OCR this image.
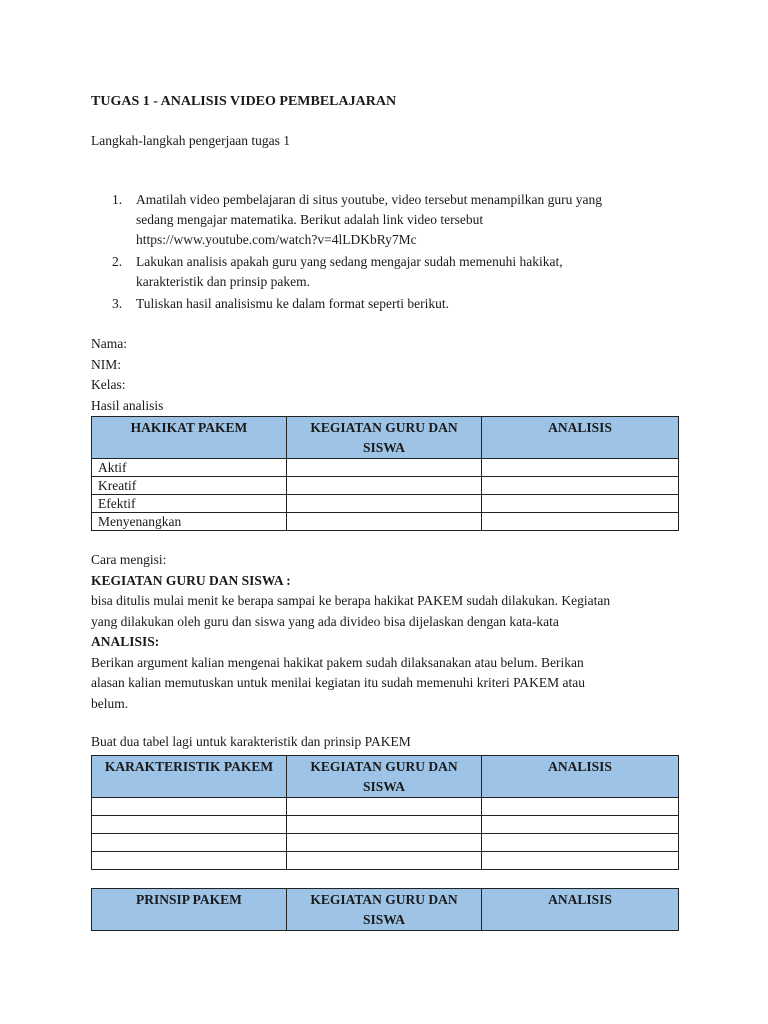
TUGAS 1 - ANALISIS VIDEO PEMBELAJARAN
Langkah-langkah pengerjaan tugas 1
1. Amatilah video pembelajaran di situs youtube, video tersebut menampilkan guru yang
sedang mengajar matematika. Berikut adalah link video tersebut
https://www.youtube.com/watch?v=4lLDKbRy7Mc
2. Lakukan analisis apakah guru yang sedang mengajar sudah memenuhi hakikat,
karakteristik dan prinsip pakem.
3. Tuliskan hasil analisismu ke dalam format seperti berikut.
Nama:
NIM:
Kelas:
Hasil analisis
HAKIKAT PAKEM	KEGIATAN GURU DAN SISWA	ANALISIS
Aktif		
Kreatif		
Efektif		
Menyenangkan		

Cara mengisi:

KEGIATAN GURU DAN SISWA :

bisa ditulis mulai menit ke berapa sampai ke berapa hakikat PAKEM sudah dilakukan. Kegiatan

yang dilakukan oleh guru dan siswa yang ada divideo bisa dijelaskan dengan kata-kata

ANALISIS:

Berikan argument kalian mengenai hakikat pakem sudah dilaksanakan atau belum. Berikan

alasan kalian memutuskan untuk menilai kegiatan itu sudah memenuhi kriteri PAKEM atau

belum.

Buat dua tabel lagi untuk karakteristik dan prinsip PAKEM
KARAKTERISTIK PAKEM	KEGIATAN GURU DAN SISWA	ANALISIS

PRINSIP PAKEM	KEGIATAN GURU DAN SISWA	ANALISIS
